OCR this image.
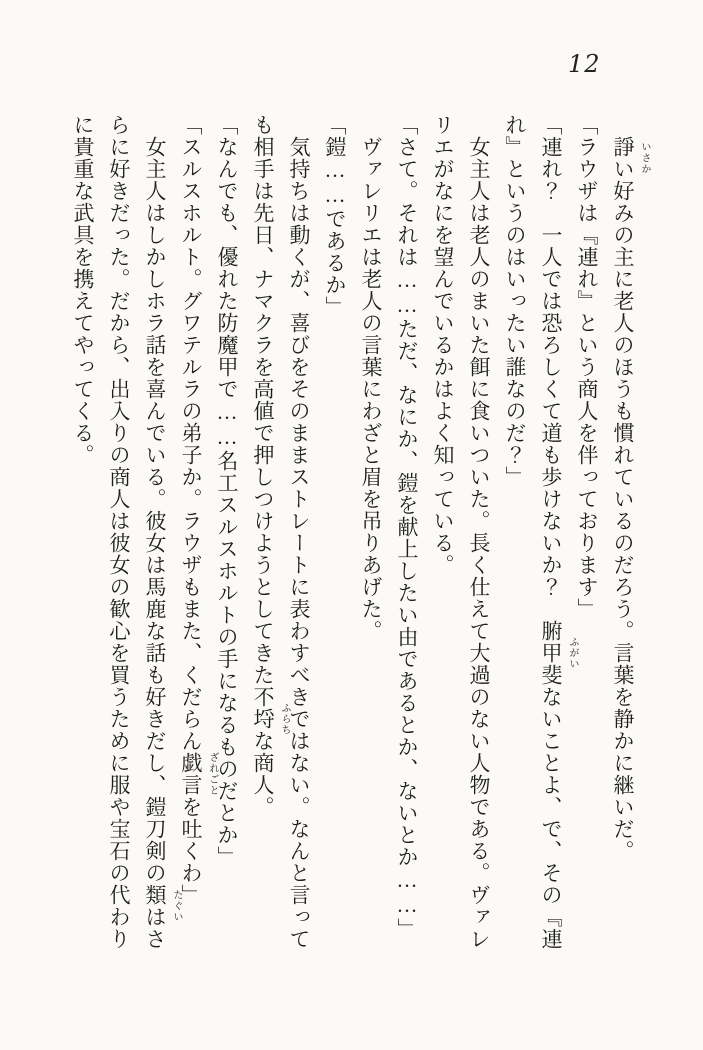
12

諍 いさか
い好みの主に老人のほうも慣れているのだろう。言葉を静かに継いだ。

「ラウザは『連れ』という商人を伴っております」

「連れ？　一人では恐ろしくて道も歩けないか？　腑甲斐 ふがい
ないことよ、で、その『連れ』というのはいったい誰なのだ？」

女主人は老人のまいた餌に食いついた。長く仕えて大過のない人物である。ヴァレリエがなにを望んでいるかはよく知っている。

「さて。それは……ただ、なにか、鎧を献上したい由であるとか、ないとか……」

ヴァレリエは老人の言葉にわざと眉を吊りあげた。

「鎧……であるか」

気持ちは動くが、喜びをそのままストレートに表わすべきではない。なんと言っても相手は先日、ナマクラを高値で押しつけようとしてきた不埒 ふらち
な商人。

「なんでも、優れた防魔甲で……名工スルスホルトの手になるものだとか」

「スルスホルト。グワテルラの弟子か。ラウザもまた、くだらん戯言 ざれごと
を吐くわ」

女主人はしかしホラ話を喜んでいる。彼女は馬鹿な話も好きだし、鎧刀剣の類 たぐい
はさらに好きだった。だから、出入りの商人は彼女の歓心を買うために服や宝石の代わりに貴重な武具を携えてやってくる。
